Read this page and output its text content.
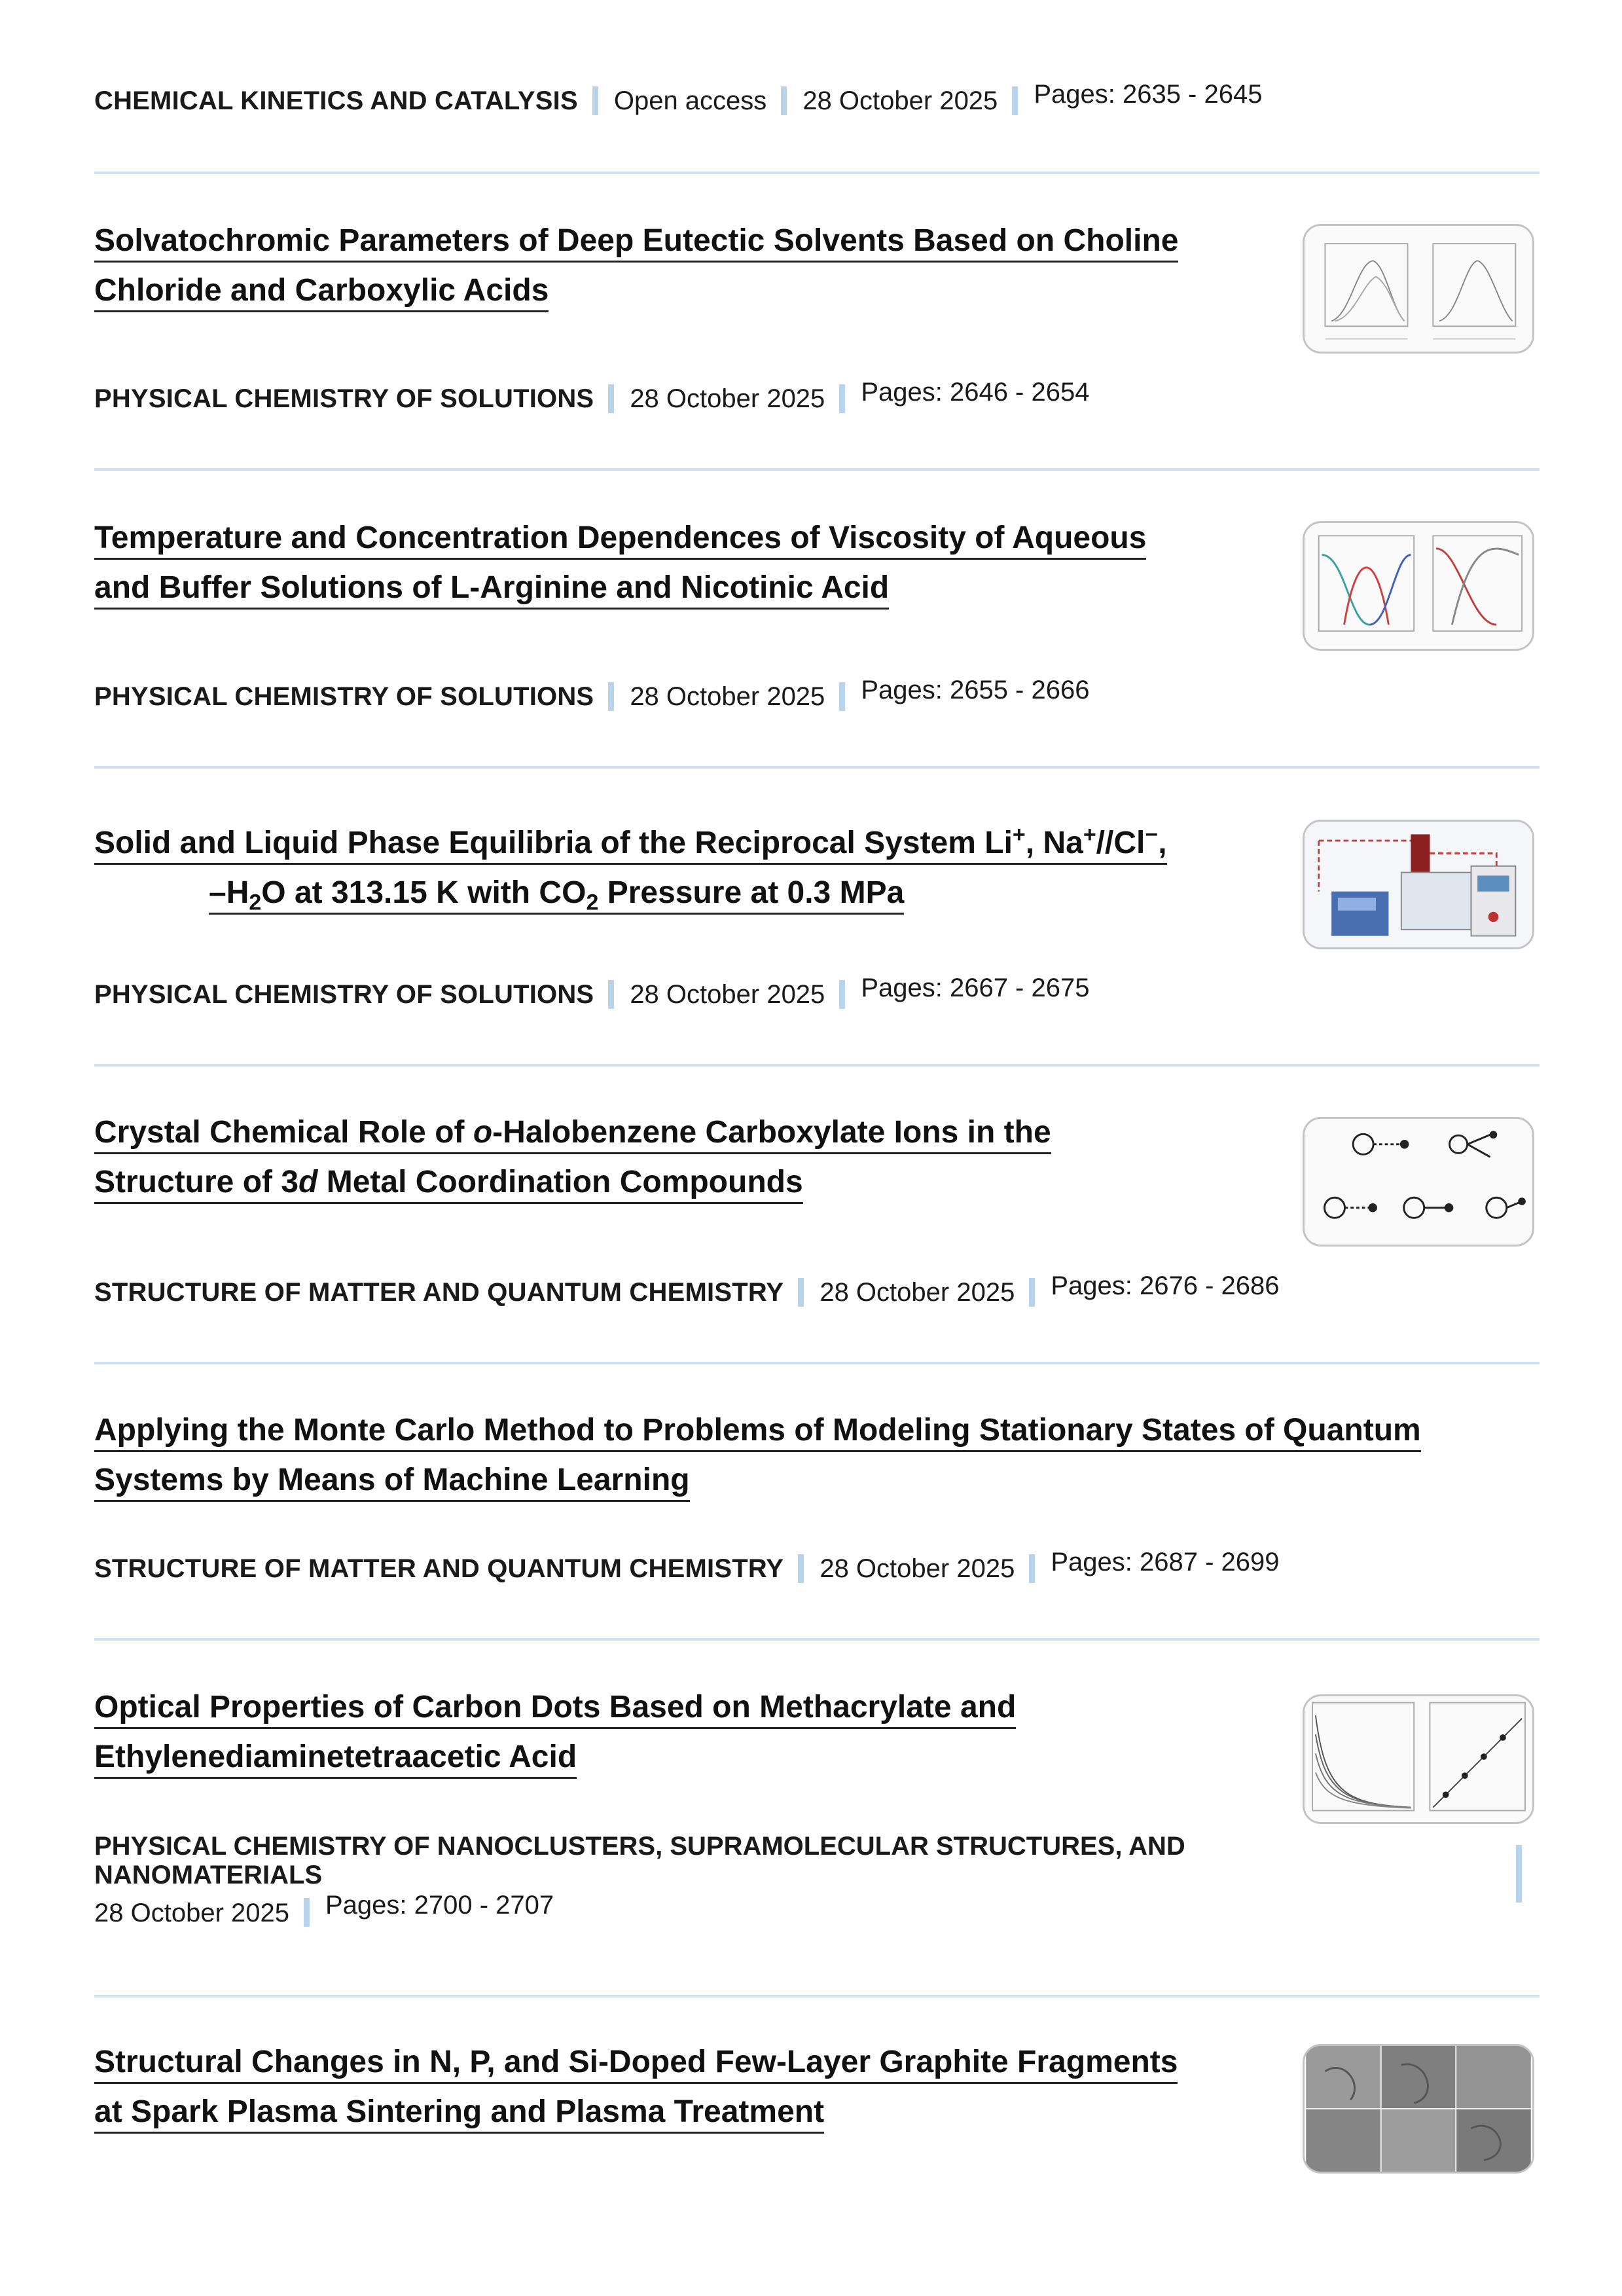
CHEMICAL KINETICS AND CATALYSIS Open access 28 October 2025 Pages: 2635 - 2645
Solvatochromic Parameters of Deep Eutectic Solvents Based on Choline
Chloride and Carboxylic Acids
PHYSICAL CHEMISTRY OF SOLUTIONS 28 October 2025 Pages: 2646 - 2654
Temperature and Concentration Dependences of Viscosity of Aqueous
and Buffer Solutions of L-Arginine and Nicotinic Acid
PHYSICAL CHEMISTRY OF SOLUTIONS 28 October 2025 Pages: 2655 - 2666
Solid and Liquid Phase Equilibria of the Reciprocal System Li+, Na+//Cl−,
$-H_2O$ at 313.15 K with $CO_2$ Pressure at 0.3 MPa
PHYSICAL CHEMISTRY OF SOLUTIONS 28 October 2025 Pages: 2667 - 2675
Crystal Chemical Role of o-Halobenzene Carboxylate Ions in the
Structure of 3d Metal Coordination Compounds
STRUCTURE OF MATTER AND QUANTUM CHEMISTRY 28 October 2025 Pages: 2676 - 2686
Applying the Monte Carlo Method to Problems of Modeling Stationary States of Quantum
Systems by Means of Machine Learning
STRUCTURE OF MATTER AND QUANTUM CHEMISTRY 28 October 2025 Pages: 2687 - 2699
Optical Properties of Carbon Dots Based on Methacrylate and
Ethylenediaminetetraacetic Acid
PHYSICAL CHEMISTRY OF NANOCLUSTERS, SUPRAMOLECULAR STRUCTURES, AND NANOMATERIALS
28 October 2025 Pages: 2700 - 2707
Structural Changes in N, P, and Si-Doped Few-Layer Graphite Fragments
at Spark Plasma Sintering and Plasma Treatment
